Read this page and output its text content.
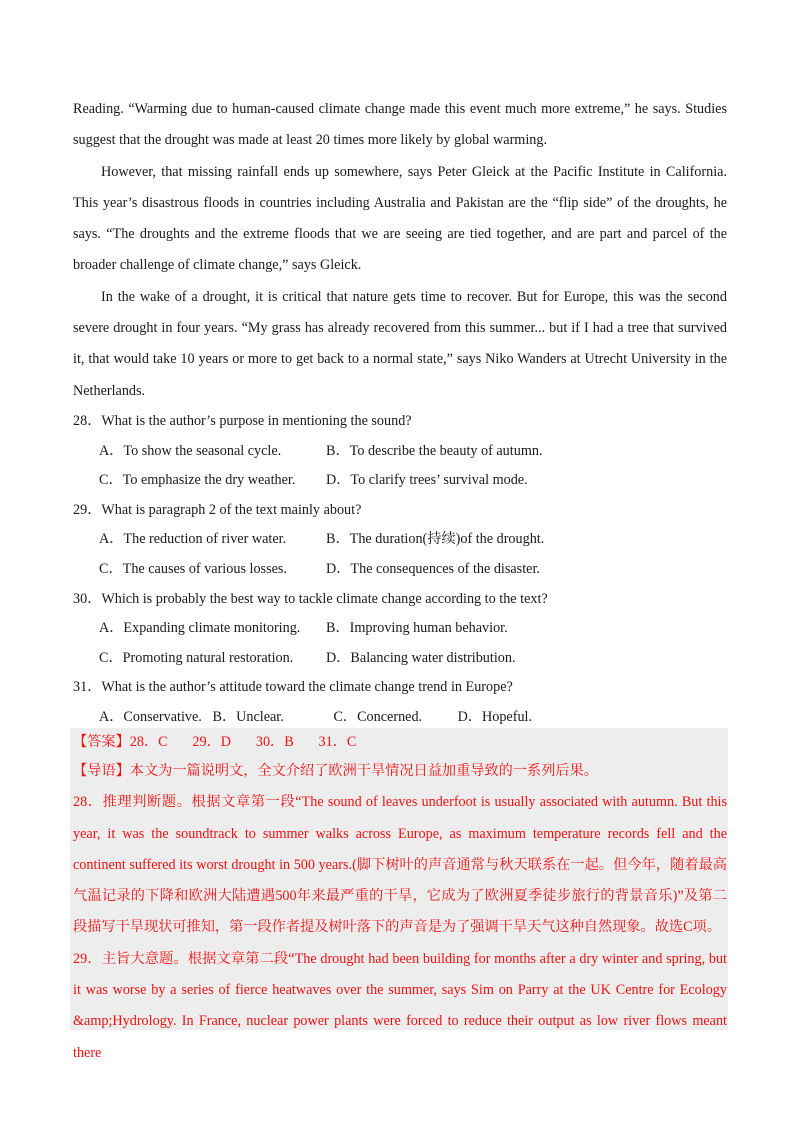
Reading. “Warming due to human-caused climate change made this event much more extreme,” he says. Studies suggest that the drought was made at least 20 times more likely by global warming.

However, that missing rainfall ends up somewhere, says Peter Gleick at the Pacific Institute in California. This year’s disastrous floods in countries including Australia and Pakistan are the “flip side” of the droughts, he says. “The droughts and the extreme floods that we are seeing are tied together, and are part and parcel of the broader challenge of climate change,” says Gleick.

In the wake of a drought, it is critical that nature gets time to recover. But for Europe, this was the second severe drought in four years. “My grass has already recovered from this summer... but if I had a tree that survived it, that would take 10 years or more to get back to a normal state,” says Niko Wanders at Utrecht University in the Netherlands.

28．What is the author’s purpose in mentioning the sound?

A．To show the seasonal cycle.	B．To describe the beauty of autumn.
C．To emphasize the dry weather.	D．To clarify trees’ survival mode.

29．What is paragraph 2 of the text mainly about?

A．The reduction of river water.	B．The duration(持续)of the drought.
C．The causes of various losses.	D．The consequences of the disaster.

30．Which is probably the best way to tackle climate change according to the text?

A．Expanding climate monitoring.	B．Improving human behavior.
C．Promoting natural restoration.	D．Balancing water distribution.

31．What is the author’s attitude toward the climate change trend in Europe?

A．Conservative.   B．Unclear.              C．Concerned.          D．Hopeful.

【答案】28．C       29．D       30．B       31．C

【导语】本文为一篇说明文，全文介绍了欧洲干旱情况日益加重导致的一系列后果。

28．推理判断题。根据文章第一段“The sound of leaves underfoot is usually associated with autumn. But this year, it was the soundtrack to summer walks across Europe, as maximum temperature records fell and the continent suffered its worst drought in 500 years.(脚下树叶的声音通常与秋天联系在一起。但今年，随着最高气温记录的下降和欧洲大陆遭遇500年来最严重的干旱，它成为了欧洲夏季徒步旅行的背景音乐)”及第二段描写干旱现状可推知，第一段作者提及树叶落下的声音是为了强调干旱天气这种自然现象。故选C项。

29．主旨大意题。根据文章第二段“The drought had been building for months after a dry winter and spring, but it was worse by a series of fierce heatwaves over the summer, says Sim on Parry at the UK Centre for Ecology &amp;Hydrology. In France, nuclear power plants were forced to reduce their output as low river flows meant there
